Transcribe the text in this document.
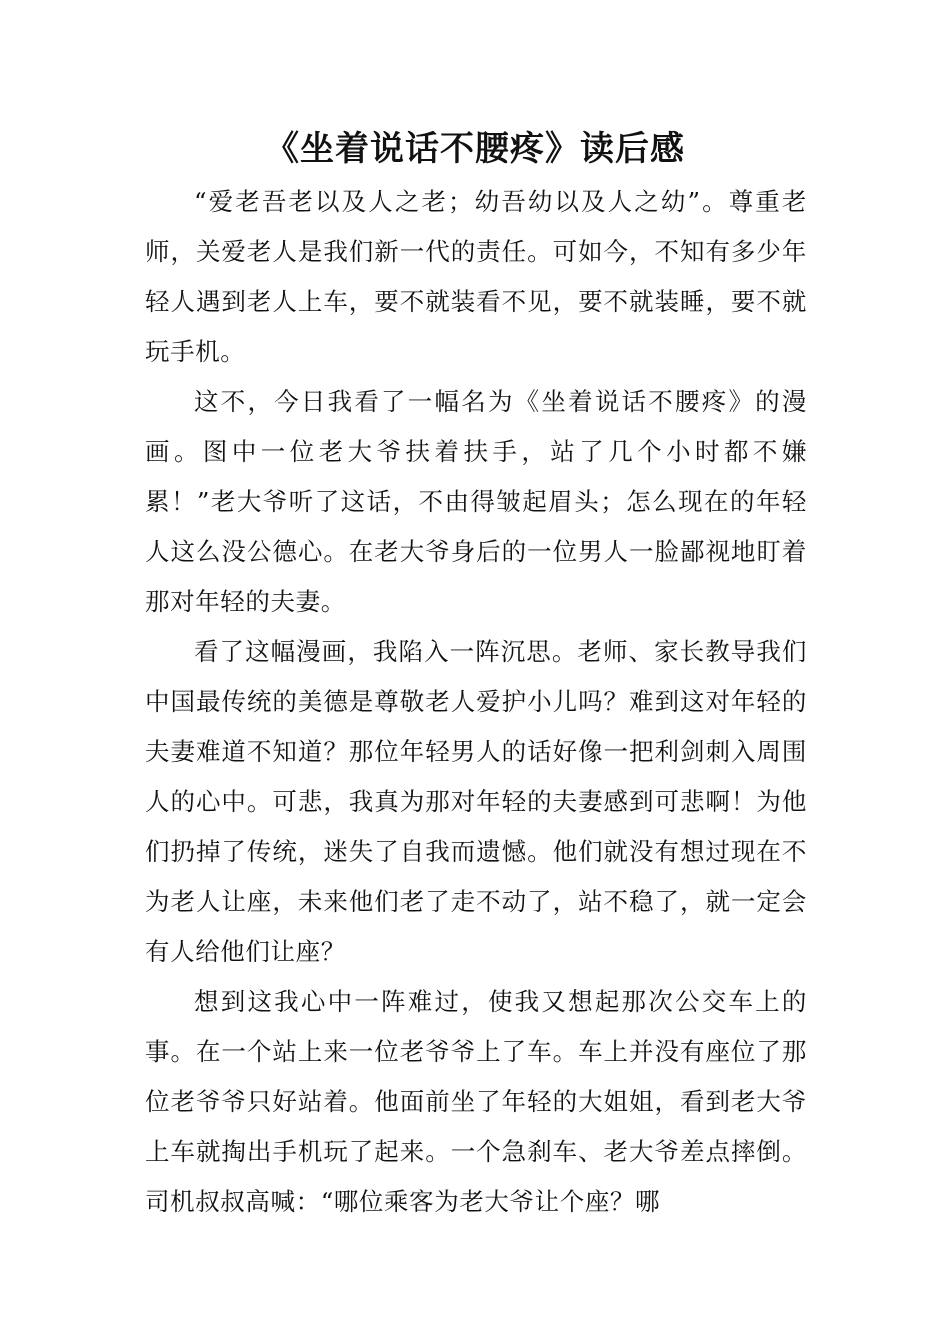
《坐着说话不腰疼》读后感

“爱老吾老以及人之老；幼吾幼以及人之幼”。尊重老师，关爱老人是我们新一代的责任。可如今，不知有多少年轻人遇到老人上车，要不就装看不见，要不就装睡，要不就玩手机。

这不，今日我看了一幅名为《坐着说话不腰疼》的漫画。图中一位老大爷扶着扶手，站了几个小时都不嫌累！”老大爷听了这话，不由得皱起眉头；怎么现在的年轻人这么没公德心。在老大爷身后的一位男人一脸鄙视地盯着那对年轻的夫妻。

看了这幅漫画，我陷入一阵沉思。老师、家长教导我们中国最传统的美德是尊敬老人爱护小儿吗？难到这对年轻的夫妻难道不知道？那位年轻男人的话好像一把利剑刺入周围人的心中。可悲，我真为那对年轻的夫妻感到可悲啊！为他们扔掉了传统，迷失了自我而遗憾。他们就没有想过现在不为老人让座，未来他们老了走不动了，站不稳了，就一定会有人给他们让座？

想到这我心中一阵难过，使我又想起那次公交车上的事。在一个站上来一位老爷爷上了车。车上并没有座位了那位老爷爷只好站着。他面前坐了年轻的大姐姐，看到老大爷上车就掏出手机玩了起来。一个急刹车、老大爷差点摔倒。司机叔叔高喊：“哪位乘客为老大爷让个座？哪
